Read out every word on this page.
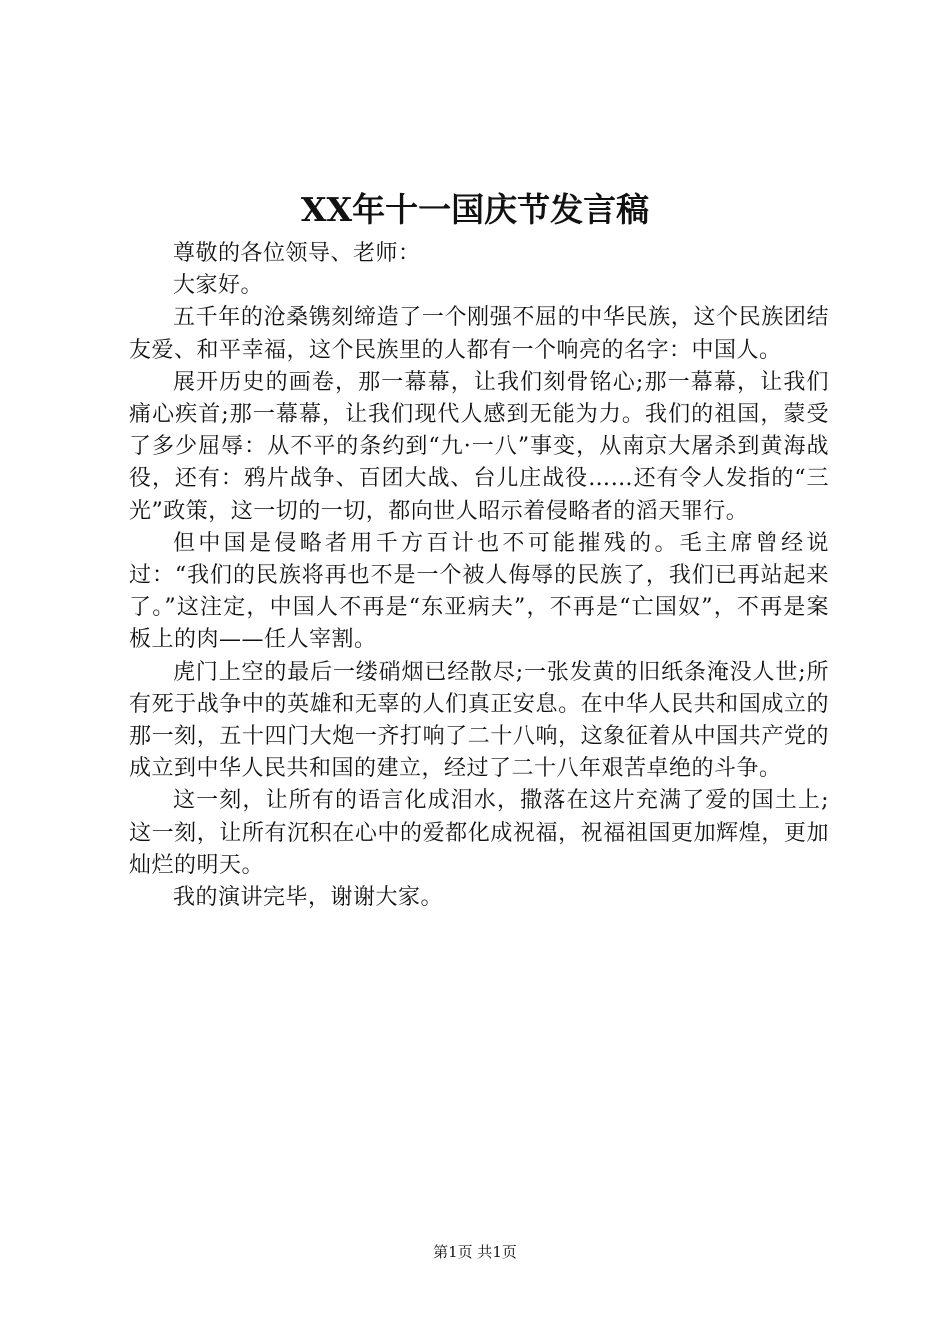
XX年十一国庆节发言稿

尊敬的各位领导、老师：

大家好。

五千年的沧桑镌刻缔造了一个刚强不屈的中华民族，这个民族团结友爱、和平幸福，这个民族里的人都有一个响亮的名字：中国人。

展开历史的画卷，那一幕幕，让我们刻骨铭心;那一幕幕，让我们痛心疾首;那一幕幕，让我们现代人感到无能为力。我们的祖国，蒙受了多少屈辱：从不平的条约到“九·一八”事变，从南京大屠杀到黄海战役，还有：鸦片战争、百团大战、台儿庄战役……还有令人发指的“三光”政策，这一切的一切，都向世人昭示着侵略者的滔天罪行。

但中国是侵略者用千方百计也不可能摧残的。毛主席曾经说过：“我们的民族将再也不是一个被人侮辱的民族了，我们已再站起来了。”这注定，中国人不再是“东亚病夫”，不再是“亡国奴”，不再是案板上的肉——任人宰割。

虎门上空的最后一缕硝烟已经散尽;一张发黄的旧纸条淹没人世;所有死于战争中的英雄和无辜的人们真正安息。在中华人民共和国成立的那一刻，五十四门大炮一齐打响了二十八响，这象征着从中国共产党的成立到中华人民共和国的建立，经过了二十八年艰苦卓绝的斗争。

这一刻，让所有的语言化成泪水，撒落在这片充满了爱的国土上;这一刻，让所有沉积在心中的爱都化成祝福，祝福祖国更加辉煌，更加灿烂的明天。

我的演讲完毕，谢谢大家。

第1页 共1页
